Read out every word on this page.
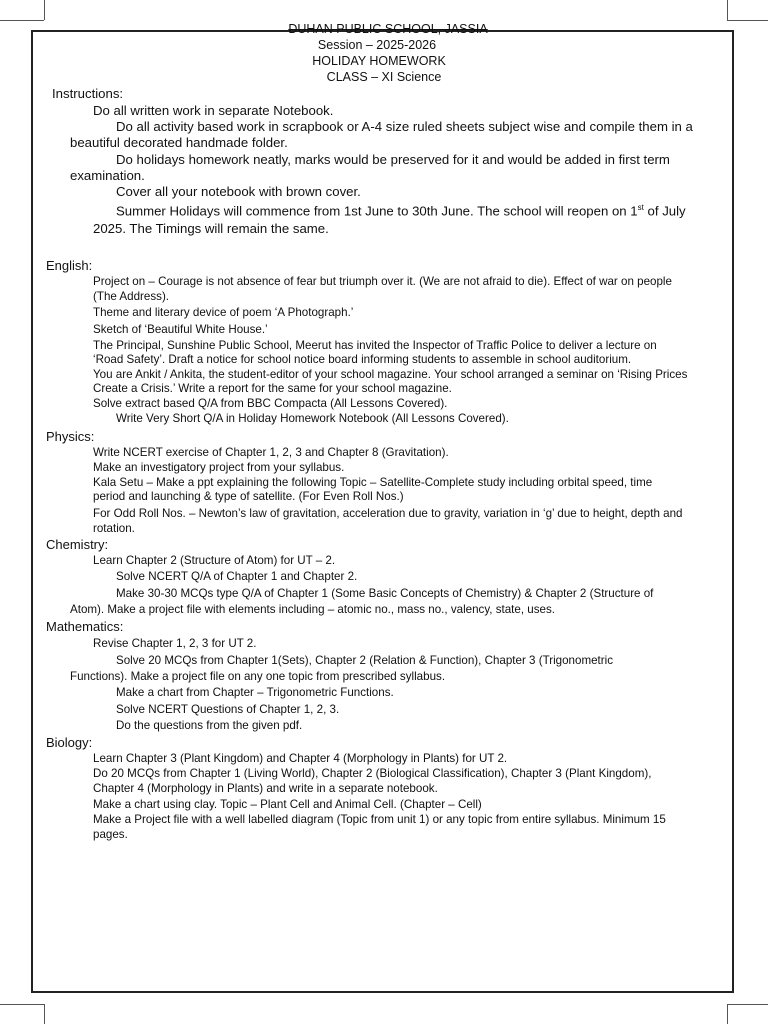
DUHAN PUBLIC SCHOOL, JASSIA
Session – 2025-2026
HOLIDAY HOMEWORK
CLASS – XI Science
Instructions:
Do all written work in separate Notebook.
Do all activity based work in scrapbook or A-4 size ruled sheets subject wise and compile them in a
beautiful decorated handmade folder.
Do holidays homework neatly, marks would be preserved for it and would be added in first term
examination.
Cover all your notebook with brown cover.
Summer Holidays will commence from 1st June to 30th June. The school will reopen on 1st of July
2025. The Timings will remain the same.
English:
Project on – Courage is not absence of fear but triumph over it. (We are not afraid to die). Effect of war on people
(The Address).
Theme and literary device of poem ‘A Photograph.’
Sketch of ‘Beautiful White House.’
The Principal, Sunshine Public School, Meerut has invited the Inspector of Traffic Police to deliver a lecture on
‘Road Safety’. Draft a notice for school notice board informing students to assemble in school auditorium.
You are Ankit / Ankita, the student-editor of your school magazine. Your school arranged a seminar on ‘Rising Prices
Create a Crisis.’ Write a report for the same for your school magazine.
Solve extract based Q/A from BBC Compacta (All Lessons Covered).
Write Very Short Q/A in Holiday Homework Notebook (All Lessons Covered).
Physics:
Write NCERT exercise of Chapter 1, 2, 3 and Chapter 8 (Gravitation).
Make an investigatory project from your syllabus.
Kala Setu – Make a ppt explaining the following Topic – Satellite-Complete study including orbital speed, time
period and launching & type of satellite. (For Even Roll Nos.)
For Odd Roll Nos. – Newton’s law of gravitation, acceleration due to gravity, variation in ‘g’ due to height, depth and
rotation.
Chemistry:
Learn Chapter 2 (Structure of Atom) for UT – 2.
Solve NCERT Q/A of Chapter 1 and Chapter 2.
Make 30-30 MCQs type Q/A of Chapter 1 (Some Basic Concepts of Chemistry) & Chapter 2 (Structure of
Atom). Make a project file with elements including – atomic no., mass no., valency, state, uses.
Mathematics:
Revise Chapter 1, 2, 3 for UT 2.
Solve 20 MCQs from Chapter 1(Sets), Chapter 2 (Relation & Function), Chapter 3 (Trigonometric
Functions). Make a project file on any one topic from prescribed syllabus.
Make a chart from Chapter – Trigonometric Functions.
Solve NCERT Questions of Chapter 1, 2, 3.
Do the questions from the given pdf.
Biology:
Learn Chapter 3 (Plant Kingdom) and Chapter 4 (Morphology in Plants) for UT 2.
Do 20 MCQs from Chapter 1 (Living World), Chapter 2 (Biological Classification), Chapter 3 (Plant Kingdom),
Chapter 4 (Morphology in Plants) and write in a separate notebook.
Make a chart using clay. Topic – Plant Cell and Animal Cell. (Chapter – Cell)
Make a Project file with a well labelled diagram (Topic from unit 1) or any topic from entire syllabus. Minimum 15
pages.
